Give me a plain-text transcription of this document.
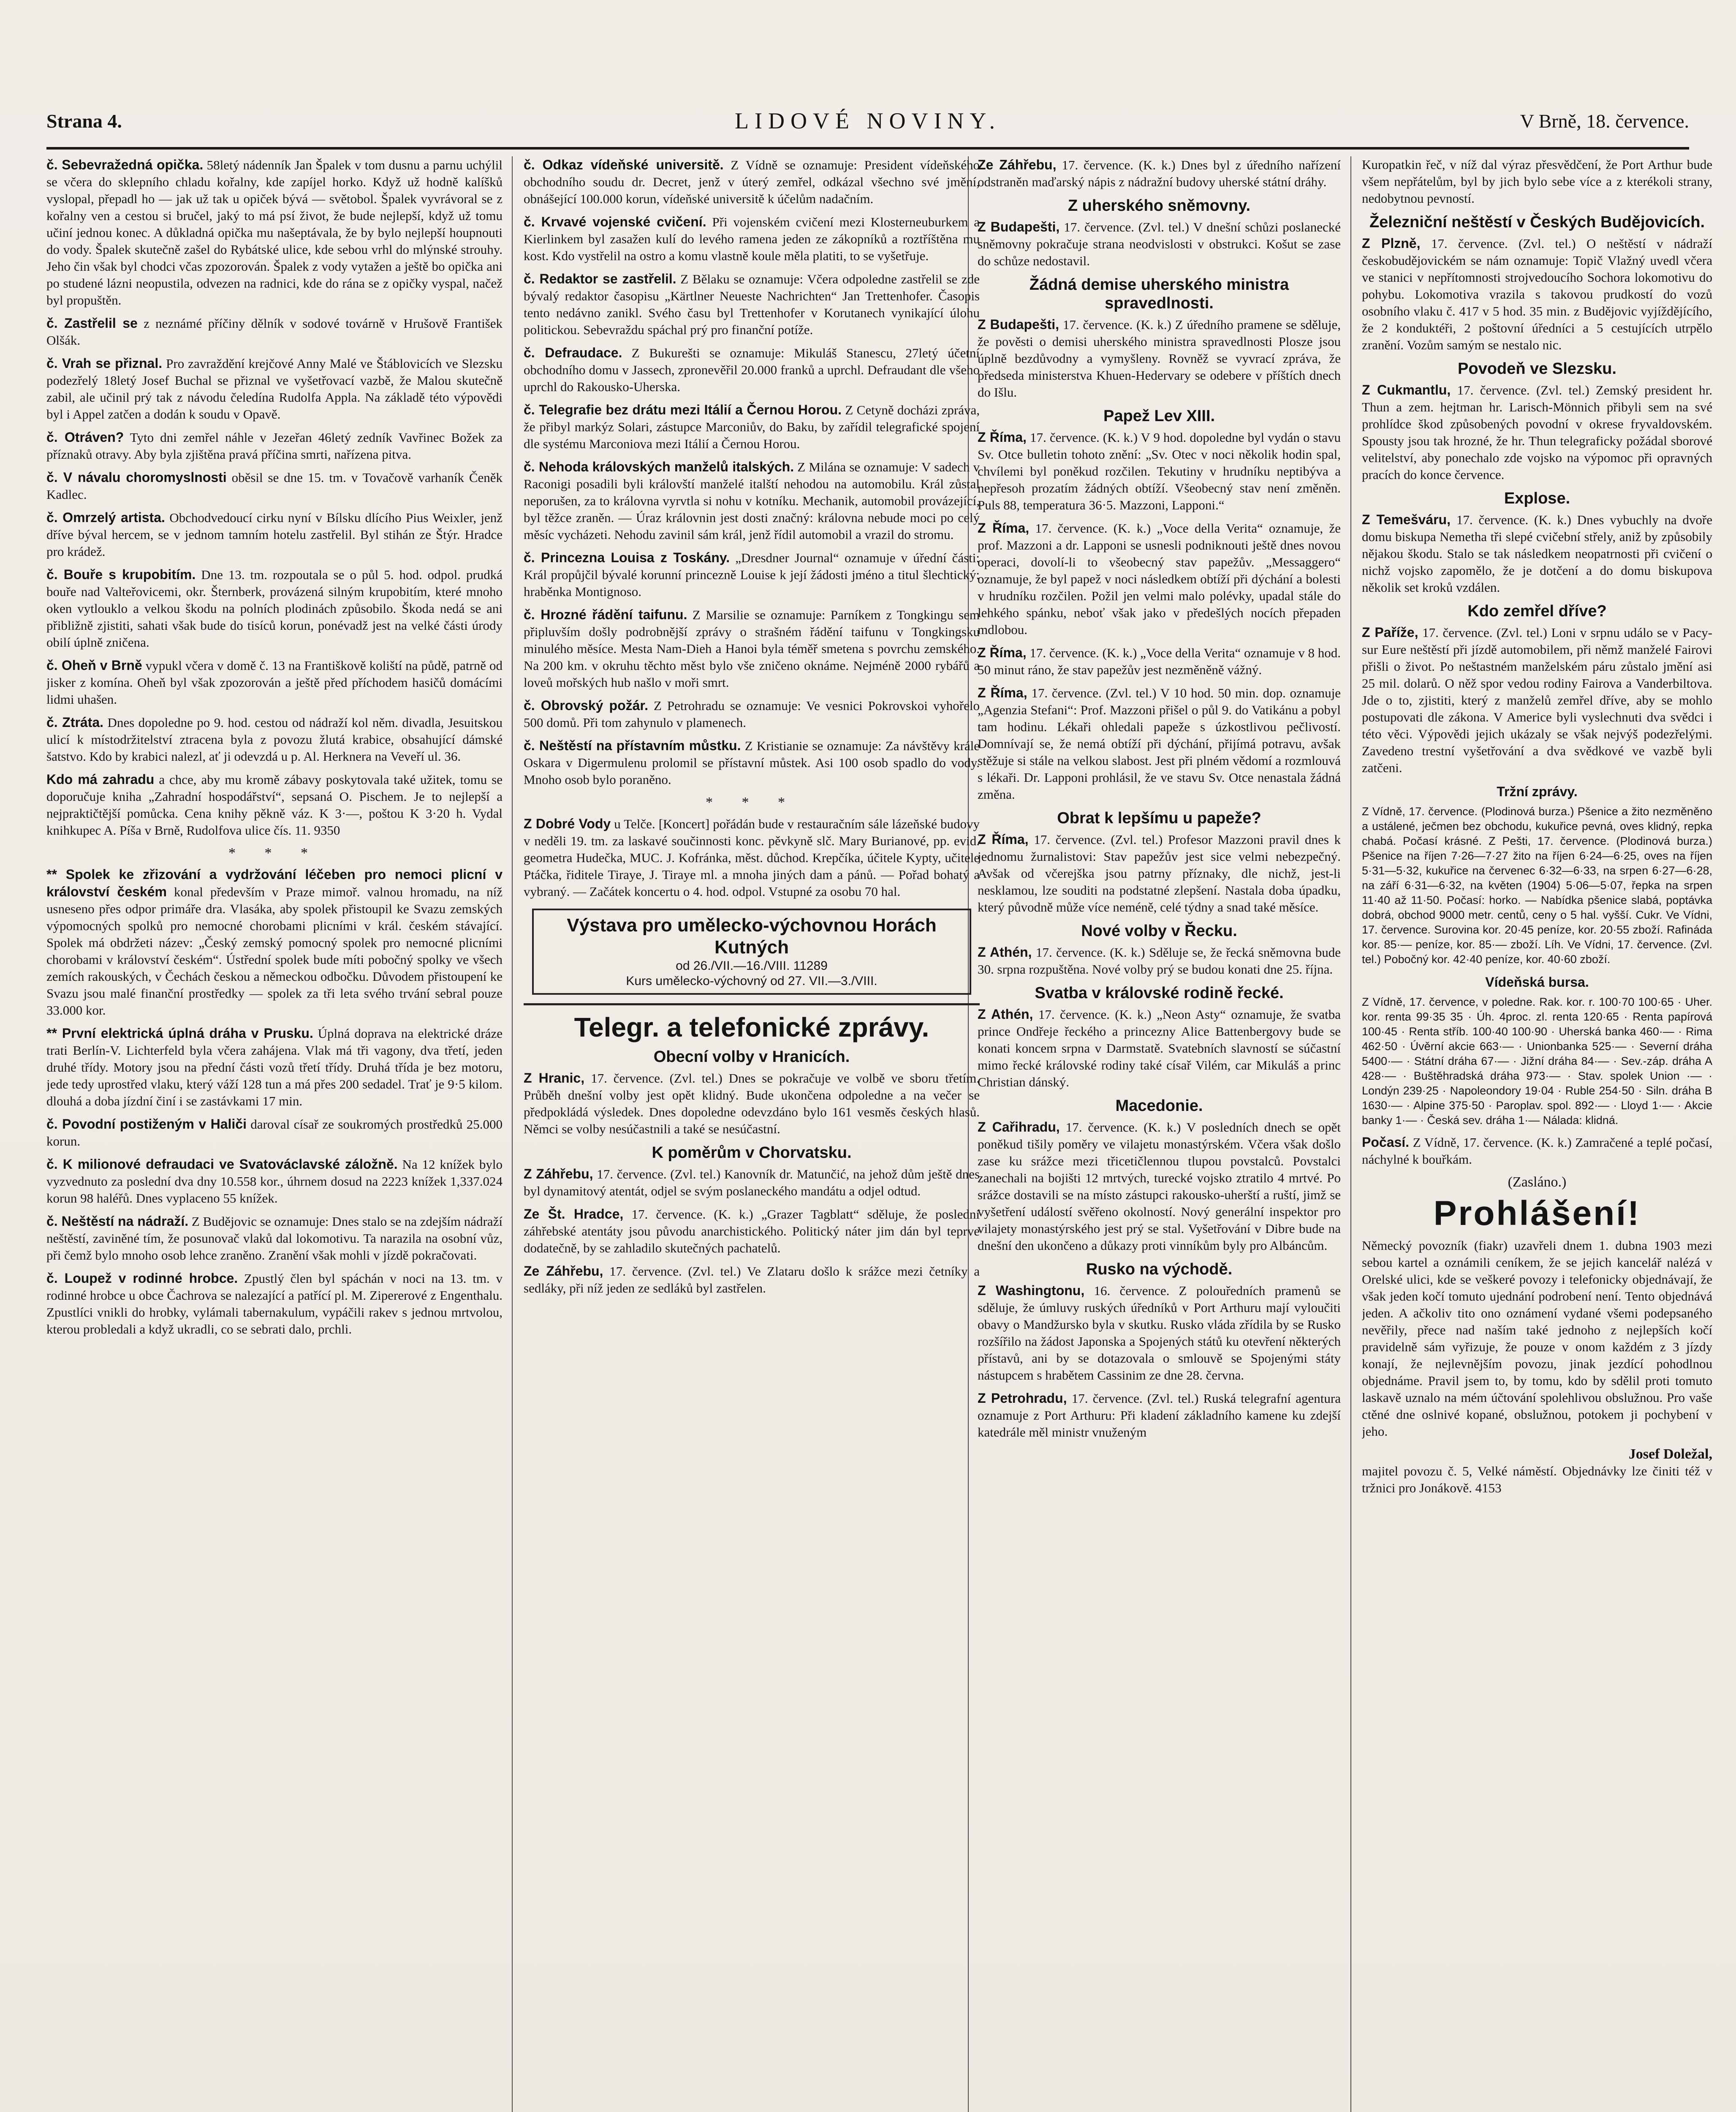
Strana 4.	LIDOVÉ NOVINY.	V Brně, 18. července.

č. Sebevražedná opička. 58letý nádenník Jan Špalek v tom dusnu a parnu uchýlil se včera do sklepního chladu kořalny, kde zapíjel horko. Když už hodně kalíšků vyslopal, přepadl ho — jak už tak u opiček bývá — světobol. Špalek vyvrávoral se z kořalny ven a cestou si bručel, jaký to má psí život, že bude nejlepší, když už tomu učiní jednou konec. A důkladná opička mu našeptávala, že by bylo nejlepší houpnouti do vody. Špalek skutečně zašel do Rybátské ulice, kde sebou vrhl do mlýnské strouhy. Jeho čin však byl chodci včas zpozorován. Špalek z vody vytažen a ještě bo opička ani po studené lázni neopustila, odvezen na radnici, kde do rána se z opičky vyspal, načež byl propuštěn.

č. Zastřelil se z neznámé příčiny dělník v sodové továrně v Hrušově František Olšák.

č. Vrah se přiznal. Pro zavraždění krejčové Anny Malé ve Štáblovicích ve Slezsku podezřelý 18letý Josef Buchal se přiznal ve vyšetřovací vazbě, že Malou skutečně zabil, ale učinil prý tak z návodu čeledína Rudolfa Appla. Na základě této výpovědi byl i Appel zatčen a dodán k soudu v Opavě.

č. Otráven? Tyto dni zemřel náhle v Jezeřan 46letý zedník Vavřinec Božek za příznaků otravy. Aby byla zjištěna pravá příčina smrti, nařízena pitva.

č. V návalu choromyslnosti oběsil se dne 15. tm. v Tovačově varhaník Čeněk Kadlec.

č. Omrzelý artista. Obchodvedoucí cirku nyní v Bílsku dlícího Pius Weixler, jenž dříve býval hercem, se v jednom tamním hotelu zastřelil. Byl stihán ze Štýr. Hradce pro krádež.

č. Bouře s krupobitím. Dne 13. tm. rozpoutala se o půl 5. hod. odpol. prudká bouře nad Valteřovicemi, okr. Šternberk, provázená silným krupobitím, které mnoho oken vytlouklo a velkou škodu na polních plodinách způsobilo. Škoda nedá se ani přibližně zjistiti, sahati však bude do tisíců korun, ponévadž jest na velké části úrody obilí úplně zničena.

č. Oheň v Brně vypukl včera v domě č. 13 na Františkově koliští na půdě, patrně od jisker z komína. Oheň byl však zpozorován a ještě před příchodem hasičů domácími lidmi uhašen.

č. Ztráta. Dnes dopoledne po 9. hod. cestou od nádraží kol něm. divadla, Jesuitskou ulicí k místodržitelství ztracena byla z povozu žlutá krabice, obsahující dámské šatstvo. Kdo by krabici nalezl, ať ji odevzdá u p. Al. Herknera na Veveří ul. 36.

Kdo má zahradu a chce, aby mu kromě zábavy poskytovala také užitek, tomu se doporučuje kniha „Zahradní hospodářství“, sepsaná O. Pischem. Je to nejlepší a nejpraktičtější pomůcka. Cena knihy pěkně váz. K 3·—, poštou K 3·20 h. Vydal knihkupec A. Píša v Brně, Rudolfova ulice čís. 11. 9350

* * *

** Spolek ke zřizování a vydržování léčeben pro nemoci plicní v království českém konal především v Praze mimoř. valnou hromadu, na níž usneseno přes odpor primáře dra. Vlasáka, aby spolek přistoupil ke Svazu zemských výpomocných spolků pro nemocné chorobami plicními v král. českém stávající. Spolek má obdržeti název: „Český zemský pomocný spolek pro nemocné plicními chorobami v království českém“. Ústřední spolek bude míti pobočný spolky ve všech zemích rakouských, v Čechách českou a německou odbočku. Důvodem přistoupení ke Svazu jsou malé finanční prostředky — spolek za tři leta svého trvání sebral pouze 33.000 kor.

** První elektrická úplná dráha v Prusku. Úplná doprava na elektrické dráze trati Berlín-V. Lichterfeld byla včera zahájena. Vlak má tři vagony, dva třetí, jeden druhé třídy. Motory jsou na přední části vozů třetí třídy. Druhá třída je bez motoru, jede tedy uprostřed vlaku, který váží 128 tun a má přes 200 sedadel. Trať je 9·5 kilom. dlouhá a doba jízdní činí i se zastávkami 17 min.

č. Povodní postiženým v Haliči daroval císař ze soukromých prostředků 25.000 korun.

č. K milionové defraudaci ve Svatováclavské záložně. Na 12 knížek bylo vyzvednuto za poslední dva dny 10.558 kor., úhrnem dosud na 2223 knížek 1,337.024 korun 98 haléřů. Dnes vyplaceno 55 knížek.

č. Neštěstí na nádraží. Z Budějovic se oznamuje: Dnes stalo se na zdejším nádraží neštěstí, zaviněné tím, že posunovač vlaků dal lokomotivu. Ta narazila na osobní vůz, při čemž bylo mnoho osob lehce zraněno. Zranění však mohli v jízdě pokračovati.

č. Loupež v rodinné hrobce. Zpustlý člen byl spáchán v noci na 13. tm. v rodinné hrobce u obce Čachrova se nalezající a patřící pl. M. Zipererové z Engenthalu. Zpustlíci vnikli do hrobky, vylámali tabernakulum, vypáčili rakev s jednou mrtvolou, kterou probledali a když ukradli, co se sebrati dalo, prchli.

č. Odkaz vídeňské universitě. Z Vídně se oznamuje: President vídeňského obchodního soudu dr. Decret, jenž v úterý zemřel, odkázal všechno své jmění, obnášející 100.000 korun, vídeňské universitě k účelům nadačním.

č. Krvavé vojenské cvičení. Při vojenském cvičení mezi Klosterneuburkem a Kierlinkem byl zasažen kulí do levého ramena jeden ze zákopníků a roztříštěna mu kost. Kdo vystřelil na ostro a komu vlastně koule měla platiti, to se vyšetřuje.

č. Redaktor se zastřelil. Z Bělaku se oznamuje: Včera odpoledne zastřelil se zde bývalý redaktor časopisu „Kärtlner Neueste Nachrichten“ Jan Trettenhofer. Časopis tento nedávno zanikl. Svého času byl Trettenhofer v Korutanech vynikající úlohu politickou. Sebevraždu spáchal prý pro finanční potíže.

č. Defraudace. Z Bukurešti se oznamuje: Mikuláš Stanescu, 27letý účetní obchodního domu v Jassech, zpronevěřil 20.000 franků a uprchl. Defraudant dle všeho uprchl do Rakousko-Uherska.

č. Telegrafie bez drátu mezi Itálií a Černou Horou. Z Cetyně docházi zpráva, že přibyl markýz Solari, zástupce Marconiův, do Baku, by zařídil telegrafické spojení dle systému Marconiova mezi Itálií a Černou Horou.

č. Nehoda královských manželů italských. Z Milána se oznamuje: V sadech v Raconigi posadili byli královští manželé italští nehodou na automobilu. Král zůstal neporušen, za to královna vyrvtla si nohu v kotníku. Mechanik, automobil provázející, byl těžce zraněn. — Úraz královnin jest dosti značný: královna nebude moci po celý měsíc vycházeti. Nehodu zavinil sám král, jenž řídil automobil a vrazil do stromu.

č. Princezna Louisa z Toskány. „Dresdner Journal“ oznamuje v úřední části: Král propůjčil bývalé korunní princezně Louise k její žádosti jméno a titul šlechtický: hraběnka Montignoso.

č. Hrozné řádění taifunu. Z Marsilie se oznamuje: Parníkem z Tongkingu sem připluvším došly podrobnější zprávy o strašném řádění taifunu v Tongkingsku minulého měsíce. Mesta Nam-Dieh a Hanoi byla téměř smetena s povrchu zemského. Na 200 km. v okruhu těchto měst bylo vše zničeno oknáme. Nejméně 2000 rybářů a loveů mořských hub našlo v moři smrt.

č. Obrovský požár. Z Petrohradu se oznamuje: Ve vesnici Pokrovskoi vyhořelo 500 domů. Při tom zahynulo v plamenech.

č. Neštěstí na přístavním můstku. Z Kristianie se oznamuje: Za návštěvy krále Oskara v Digermulenu prolomil se přístavní můstek. Asi 100 osob spadlo do vody. Mnoho osob bylo poraněno.

* * *

Z Dobré Vody u Telče. [Koncert] pořádán bude v restauračním sále lázeňské budovy v neděli 19. tm. za laskavé součinnosti konc. pěvkyně slč. Mary Burianové, pp. evid. geometra Hudečka, MUC. J. Kofránka, měst. důchod. Krepčíka, účitele Kypty, učitele Ptáčka, řiditele Tiraye, J. Tiraye ml. a mnoha jiných dam a pánů. — Pořad bohatý a vybraný. — Začátek koncertu o 4. hod. odpol. Vstupné za osobu 70 hal.

Výstava pro umělecko-výchovnou Horách Kutných
od 26./VII.—16./VIII. 11289
Kurs umělecko-výchovný od 27. VII.—3./VIII.
Telegr. a telefonické zprávy.
Obecní volby v Hranicích.

Z Hranic, 17. července. (Zvl. tel.) Dnes se pokračuje ve volbě ve sboru třetím. Průběh dnešní volby jest opět klidný. Bude ukončena odpoledne a na večer se předpokládá výsledek. Dnes dopoledne odevzdáno bylo 161 vesměs českých hlasů. Němci se volby nesúčastnili a také se nesúčastní.

K poměrům v Chorvatsku.

Z Záhřebu, 17. července. (Zvl. tel.) Kanovník dr. Matunčić, na jehož dům ještě dnes byl dynamitový atentát, odjel se svým poslaneckého mandátu a odjel odtud.

Ze Št. Hradce, 17. července. (K. k.) „Grazer Tagblatt“ sděluje, že poslední záhřebské atentáty jsou původu anarchistického. Politický náter jim dán byl teprve dodatečně, by se zahladilo skutečných pachatelů.

Ze Záhřebu, 17. července. (Zvl. tel.) Ve Zlataru došlo k srážce mezi četníky a sedláky, při níž jeden ze sedláků byl zastřelen.

Ze Záhřebu, 17. července. (K. k.) Dnes byl z úředního nařízení odstraněn maďarský nápis z nádražní budovy uherské státní dráhy.

Z uherského sněmovny.

Z Budapešti, 17. července. (Zvl. tel.) V dnešní schůzi poslanecké sněmovny pokračuje strana neodvislosti v obstrukci. Košut se zase do schůze nedostavil.

Žádná demise uherského ministra spravedlnosti.

Z Budapešti, 17. července. (K. k.) Z úředního pramene se sděluje, že pověsti o demisi uherského ministra spravedlnosti Plosze jsou úplně bezdůvodny a vymyšleny. Rovněž se vyvrací zpráva, že předseda ministerstva Khuen-Hedervary se odebere v příštích dnech do Išlu.

Papež Lev XIII.

Z Říma, 17. července. (K. k.) V 9 hod. dopoledne byl vydán o stavu Sv. Otce bulletin tohoto znění: „Sv. Otec v noci několik hodin spal, chvílemi byl poněkud rozčilen. Tekutiny v hrudníku neptibýva a nepřesoh prozatím žádných obtíží. Všeobecný stav není změněn. Puls 88, temperatura 36·5. Mazzoni, Lapponi.“

Z Říma, 17. července. (K. k.) „Voce della Verita“ oznamuje, že prof. Mazzoni a dr. Lapponi se usnesli podniknouti ještě dnes novou operaci, dovolí-li to všeobecný stav papežův. „Messaggero“ oznamuje, že byl papež v noci následkem obtíží při dýchání a bolesti v hrudníku rozčilen. Požil jen velmi malo polévky, upadal stále do lehkého spánku, neboť však jako v předešlých nocích přepaden mdlobou.

Z Říma, 17. července. (K. k.) „Voce della Verita“ oznamuje v 8 hod. 50 minut ráno, že stav papežův jest nezměněně vážný.

Z Říma, 17. července. (Zvl. tel.) V 10 hod. 50 min. dop. oznamuje „Agenzia Stefani“: Prof. Mazzoni přišel o půl 9. do Vatikánu a pobyl tam hodinu. Lékaři ohledali papeže s úzkostlivou pečlivostí. Domnívají se, že nemá obtíží při dýchání, přijímá potravu, avšak stěžuje si stále na velkou slabost. Jest při plném vědomí a rozmlouvá s lékaři. Dr. Lapponi prohlásil, že ve stavu Sv. Otce nenastala žádná změna.

Obrat k lepšímu u papeže?

Z Říma, 17. července. (Zvl. tel.) Profesor Mazzoni pravil dnes k jednomu žurnalistovi: Stav papežův jest sice velmi nebezpečný. Avšak od včerejška jsou patrny příznaky, dle nichž, jest-li nesklamou, lze souditi na podstatné zlepšení. Nastala doba úpadku, který původně může více neméně, celé týdny a snad také měsíce.

Nové volby v Řecku.

Z Athén, 17. července. (K. k.) Sděluje se, že řecká sněmovna bude 30. srpna rozpuštěna. Nové volby prý se budou konati dne 25. října.

Svatba v královské rodině řecké.

Z Athén, 17. července. (K. k.) „Neon Asty“ oznamuje, že svatba prince Ondřeje řeckého a princezny Alice Battenbergovy bude se konati koncem srpna v Darmstatě. Svatebních slavností se súčastní mimo řecké královské rodiny také císař Vilém, car Mikuláš a princ Christian dánský.

Macedonie.

Z Cařihradu, 17. července. (K. k.) V posledních dnech se opět poněkud tišily poměry ve vilajetu monastýrském. Včera však došlo zase ku srážce mezi třicetičlennou tlupou povstalců. Povstalci zanechali na bojišti 12 mrtvých, turecké vojsko ztratilo 4 mrtvé. Po srážce dostavili se na místo zástupci rakousko-uherští a ruští, jimž se vyšetření událostí svěřeno okolností. Nový generální inspektor pro vilajety monastýrského jest prý se stal. Vyšetřování v Dibre bude na dnešní den ukončeno a důkazy proti vinníkům byly pro Albáncům.

Rusko na východě.

Z Washingtonu, 16. července. Z polouředních pramenů se sděluje, že úmluvy ruských úředníků v Port Arthuru mají vyloučiti obavy o Mandžursko byla v skutku. Rusko vláda zřídila by se Rusko rozšířilo na žádost Japonska a Spojených států ku otevření některých přístavů, ani by se dotazovala o smlouvě se Spojenými státy nástupcem s hrabětem Cassinim ze dne 28. června.

Z Petrohradu, 17. července. (Zvl. tel.) Ruská telegrafní agentura oznamuje z Port Arthuru: Při kladení základního kamene ku zdejší katedrále měl ministr vnuženým

Kuropatkin řeč, v níž dal výraz přesvědčení, že Port Arthur bude všem nepřátelům, byl by jich bylo sebe více a z kterékoli strany, nedobytnou pevností.

Železniční neštěstí v Českých Budějovicích.

Z Plzně, 17. července. (Zvl. tel.) O neštěstí v nádraží českobudějovickém se nám oznamuje: Topič Vlažný uvedl včera ve stanici v nepřítomnosti strojvedoucího Sochora lokomotivu do pohybu. Lokomotiva vrazila s takovou prudkostí do vozů osobního vlaku č. 417 v 5 hod. 35 min. z Budějovic vyjíždějícího, že 2 konduktéři, 2 poštovní úředníci a 5 cestujících utrpělo zranění. Vozům samým se nestalo nic.

Povodeň ve Slezsku.

Z Cukmantlu, 17. července. (Zvl. tel.) Zemský president hr. Thun a zem. hejtman hr. Larisch-Mönnich přibyli sem na své prohlídce škod způsobených povodní v okrese fryvaldovském. Spousty jsou tak hrozné, že hr. Thun telegraficky požádal sborové velitelství, aby ponechalo zde vojsko na výpomoc při opravných pracích do konce července.

Explose.

Z Temešváru, 17. července. (K. k.) Dnes vybuchly na dvoře domu biskupa Nemetha tři slepé cvičební střely, aniž by způsobily nějakou škodu. Stalo se tak následkem neopatrnosti při cvičení o nichž vojsko zapomělo, že je dotčení a do domu biskupova několik set kroků vzdálen.

Kdo zemřel dříve?

Z Paříže, 17. července. (Zvl. tel.) Loni v srpnu událo se v Pacy-sur Eure neštěstí při jízdě automobilem, při němž manželé Fairovi přišli o život. Po neštastném manželském páru zůstalo jmění asi 25 mil. dolarů. O něž spor vedou rodiny Fairova a Vanderbiltova. Jde o to, zjistiti, který z manželů zemřel dříve, aby se mohlo postupovati dle zákona. V Americe byli vyslechnuti dva svědci i této věci. Výpovědi jejich ukázaly se však nejvýš podezřelými. Zavedeno trestní vyšetřování a dva svědkové ve vazbě byli zatčeni.

Tržní zprávy.

Z Vídně, 17. července. (Plodinová burza.) Pšenice a žito nezměněno a ustálené, ječmen bez obchodu, kukuřice pevná, oves klidný, repka chabá. Počasí krásné. Z Pešti, 17. července. (Plodinová burza.) Pšenice na říjen 7·26—7·27 žito na říjen 6·24—6·25, oves na říjen 5·31—5·32, kukuřice na červenec 6·32—6·33, na srpen 6·27—6·28, na září 6·31—6·32, na květen (1904) 5·06—5·07, řepka na srpen 11·40 až 11·50. Počasí: horko. — Nabídka pšenice slabá, poptávka dobrá, obchod 9000 metr. centů, ceny o 5 hal. vyšší. Cukr. Ve Vídni, 17. července. Surovina kor. 20·45 peníze, kor. 20·55 zboží. Rafináda kor. 85·— peníze, kor. 85·— zboží. Líh. Ve Vídni, 17. července. (Zvl. tel.) Pobočný kor. 42·40 peníze, kor. 40·60 zboží.

Vídeňská bursa.

Z Vídně, 17. července, v poledne. Rak. kor. r. 100·70 100·65 · Uher. kor. renta 99·35 35 · Úh. 4proc. zl. renta 120·65 · Renta papírová 100·45 · Renta stříb. 100·40 100·90 · Uherská banka 460·— · Rima 462·50 · Úvěrní akcie 663·— · Unionbanka 525·— · Severní dráha 5400·— · Státní dráha 67·— · Jižní dráha 84·— · Sev.-záp. dráha A 428·— · Buštěhradská dráha 973·— · Stav. spolek Union ·— · Londýn 239·25 · Napoleondory 19·04 · Ruble 254·50 · Siln. dráha B 1630·— · Alpine 375·50 · Paroplav. spol. 892·— · Lloyd 1·— · Akcie banky 1·— · Česká sev. dráha 1·— Nálada: klidná.

Počasí. Z Vídně, 17. července. (K. k.) Zamračené a teplé počasí, náchylné k bouřkám.

(Zasláno.)
Prohlášení!

Německý povozník (fiakr) uzavřeli dnem 1. dubna 1903 mezi sebou kartel a oznámili ceníkem, že se jejich kancelář nalézá v Orelské ulici, kde se veškeré povozy i telefonicky objednávají, že však jeden kočí tomuto ujednání podrobení není. Tento objednává jeden. A ačkoliv tito ono oznámení vydané všemi podepsaného nevěřily, přece nad naším také jednoho z nejlepších kočí pravidelně sám vyřizuje, že pouze v onom každém z 3 jízdy konají, že nejlevnějším povozu, jinak jezdící pohodlnou objednáme. Pravil jsem to, by tomu, kdo by sdělil proti tomuto laskavě uznalo na mém účtování spolehlivou obslužnou. Pro vaše ctěné dne oslnivé kopané, obslužnou, potokem ji pochybení v jeho.

Josef Doležal,

majitel povozu č. 5, Velké náměstí. Objednávky lze činiti též v tržnici pro Jonákově. 4153
